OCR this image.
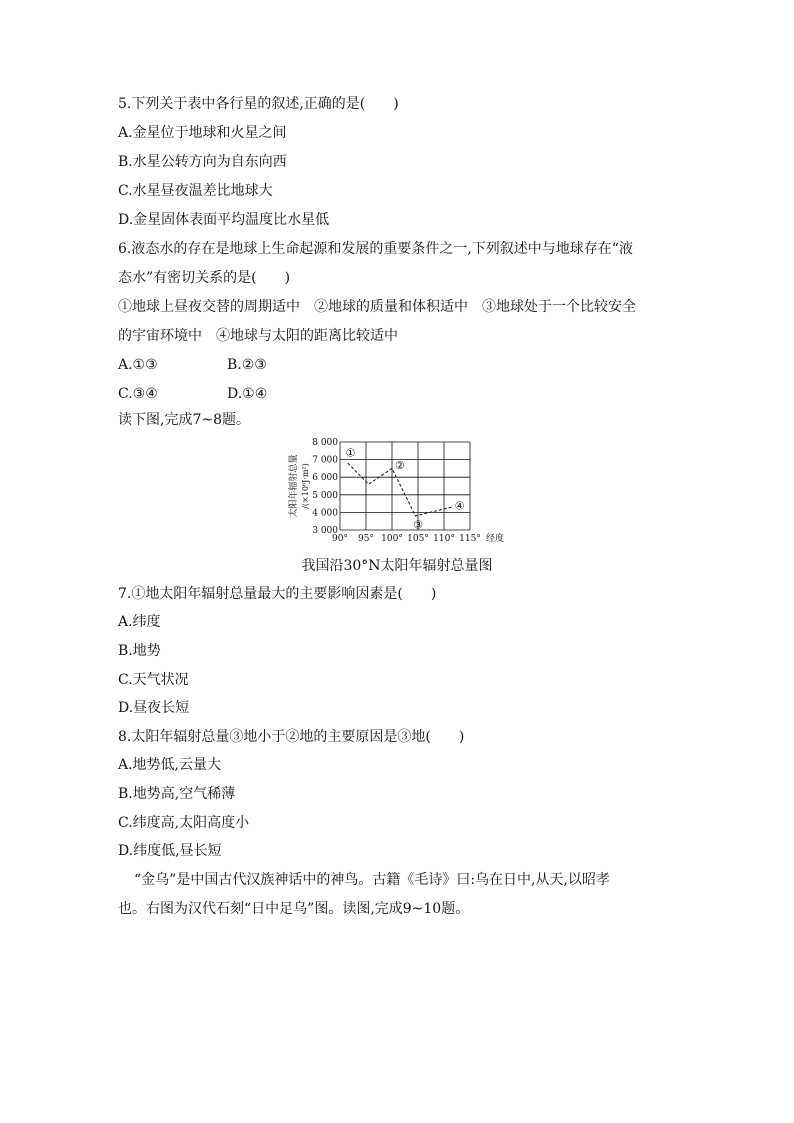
5.下列关于表中各行星的叙述,正确的是(　　)
A.金星位于地球和火星之间
B.水星公转方向为自东向西
C.水星昼夜温差比地球大
D.金星固体表面平均温度比水星低
6.液态水的存在是地球上生命起源和发展的重要条件之一,下列叙述中与地球存在“液
态水”有密切关系的是(　　)
①地球上昼夜交替的周期适中　②地球的质量和体积适中　③地球处于一个比较安全
的宇宙环境中　④地球与太阳的距离比较适中
A.①③	B.②③
C.③④	D.①④
读下图,完成7~8题。
3 000
4 000
5 000
6 000
7 000
8 000
90° 95° 100° 105° 110° 115°
①
②
③
④
太阳年辐射总量 /(×10⁶J·m²)
经度
我国沿30°N太阳年辐射总量图
7.①地太阳年辐射总量最大的主要影响因素是(　　)
A.纬度
B.地势
C.天气状况
D.昼夜长短
8.太阳年辐射总量③地小于②地的主要原因是③地(　　)
A.地势低,云量大
B.地势高,空气稀薄
C.纬度高,太阳高度小
D.纬度低,昼长短
“金乌”是中国古代汉族神话中的神鸟。古籍《毛诗》曰:乌在日中,从天,以昭孝
也。右图为汉代石刻“日中足乌”图。读图,完成9~10题。
